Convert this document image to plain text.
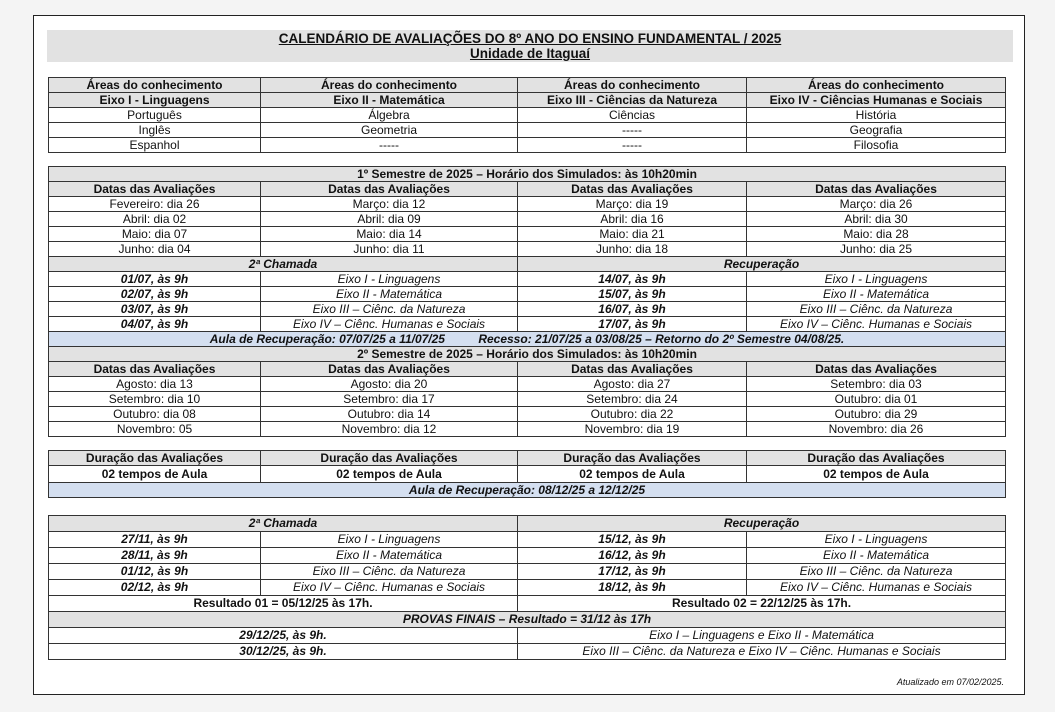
CALENDÁRIO DE AVALIAÇÕES DO 8º ANO DO ENSINO FUNDAMENTAL / 2025
Unidade de Itaguaí
Áreas do conhecimento	Áreas do conhecimento	Áreas do conhecimento	Áreas do conhecimento
Eixo I - Linguagens	Eixo II - Matemática	Eixo III - Ciências da Natureza	Eixo IV - Ciências Humanas e Sociais
Português	Álgebra	Ciências	História
Inglês	Geometria	-----	Geografia
Espanhol	-----	-----	Filosofia
1º Semestre de 2025 – Horário dos Simulados: às 10h20min			
Datas das Avaliações	Datas das Avaliações	Datas das Avaliações	Datas das Avaliações
Fevereiro: dia 26	Março: dia 12	Março: dia 19	Março: dia 26
Abril: dia 02	Abril: dia 09	Abril: dia 16	Abril: dia 30
Maio: dia 07	Maio: dia 14	Maio: dia 21	Maio: dia 28
Junho: dia 04	Junho: dia 11	Junho: dia 18	Junho: dia 25
2ª Chamada		Recuperação	
01/07, às 9h	Eixo I - Linguagens	14/07, às 9h	Eixo I - Linguagens
02/07, às 9h	Eixo II - Matemática	15/07, às 9h	Eixo II - Matemática
03/07, às 9h	Eixo III – Ciênc. da Natureza	16/07, às 9h	Eixo III – Ciênc. da Natureza
04/07, às 9h	Eixo IV – Ciênc. Humanas e Sociais	17/07, às 9h	Eixo IV – Ciênc. Humanas e Sociais
Aula de Recuperação: 07/07/25 a 11/07/25          Recesso: 21/07/25 a 03/08/25 – Retorno do 2º Semestre 04/08/25.			
2º Semestre de 2025 – Horário dos Simulados: às 10h20min			
Datas das Avaliações	Datas das Avaliações	Datas das Avaliações	Datas das Avaliações
Agosto: dia 13	Agosto: dia 20	Agosto: dia 27	Setembro: dia 03
Setembro: dia 10	Setembro: dia 17	Setembro: dia 24	Outubro: dia 01
Outubro: dia 08	Outubro: dia 14	Outubro: dia 22	Outubro: dia 29
Novembro: 05	Novembro: dia 12	Novembro: dia 19	Novembro: dia 26
Duração das Avaliações	Duração das Avaliações	Duração das Avaliações	Duração das Avaliações
02 tempos de Aula	02 tempos de Aula	02 tempos de Aula	02 tempos de Aula
Aula de Recuperação: 08/12/25 a 12/12/25			
2ª Chamada		Recuperação	
27/11, às 9h	Eixo I - Linguagens	15/12, às 9h	Eixo I - Linguagens
28/11, às 9h	Eixo II - Matemática	16/12, às 9h	Eixo II - Matemática
01/12, às 9h	Eixo III – Ciênc. da Natureza	17/12, às 9h	Eixo III – Ciênc. da Natureza
02/12, às 9h	Eixo IV – Ciênc. Humanas e Sociais	18/12, às 9h	Eixo IV – Ciênc. Humanas e Sociais
Resultado 01 = 05/12/25 às 17h.		Resultado 02 = 22/12/25 às 17h.	
PROVAS FINAIS – Resultado = 31/12 às 17h			
29/12/25, às 9h.		Eixo I – Linguagens e Eixo II - Matemática	
30/12/25, às 9h.		Eixo III – Ciênc. da Natureza e Eixo IV – Ciênc. Humanas e Sociais	
Atualizado em 07/02/2025.
